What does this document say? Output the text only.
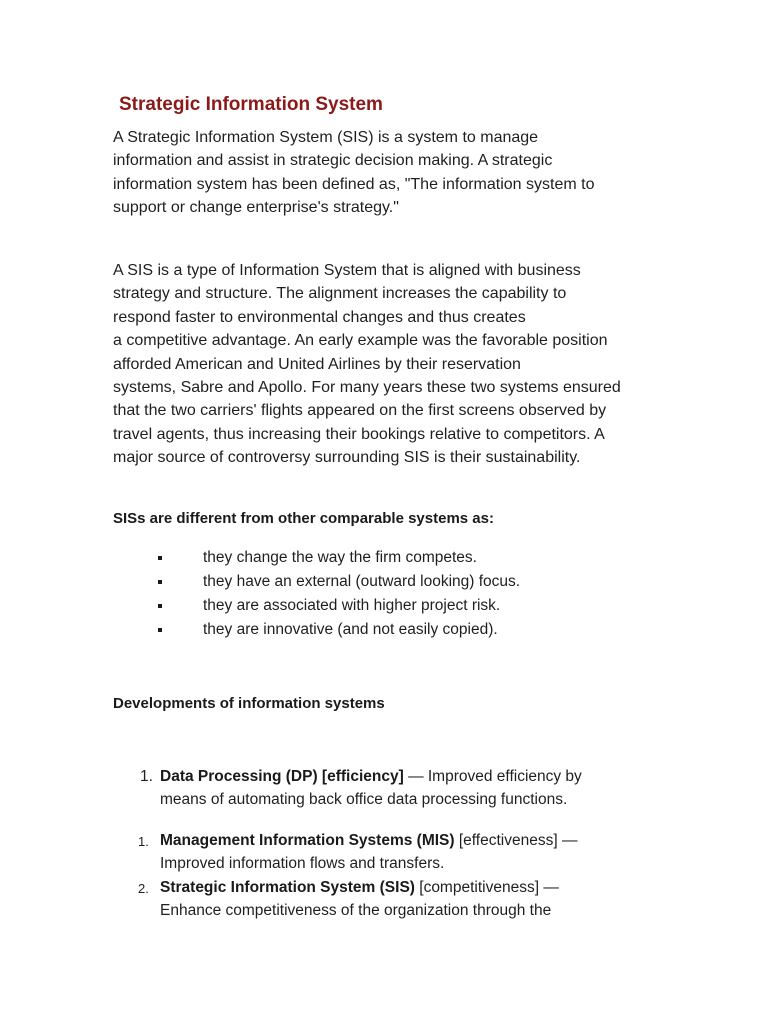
Strategic Information System

A Strategic Information System (SIS) is a system to manage
information and assist in strategic decision making. A strategic
information system has been defined as, "The information system to
support or change enterprise's strategy."

A SIS is a type of Information System that is aligned with business
strategy and structure. The alignment increases the capability to
respond faster to environmental changes and thus creates
a competitive advantage. An early example was the favorable position
afforded American and United Airlines by their reservation
systems, Sabre and Apollo. For many years these two systems ensured
that the two carriers' flights appeared on the first screens observed by
travel agents, thus increasing their bookings relative to competitors. A
major source of controversy surrounding SIS is their sustainability.

SISs are different from other comparable systems as:
they change the way the firm competes.
they have an external (outward looking) focus.
they are associated with higher project risk.
they are innovative (and not easily copied).
Developments of information systems
1. Data Processing (DP) [efficiency] — Improved efficiency by
means of automating back office data processing functions.
1. Management Information Systems (MIS) [effectiveness] —
Improved information flows and transfers.
2. Strategic Information System (SIS) [competitiveness] —
Enhance competitiveness of the organization through the
